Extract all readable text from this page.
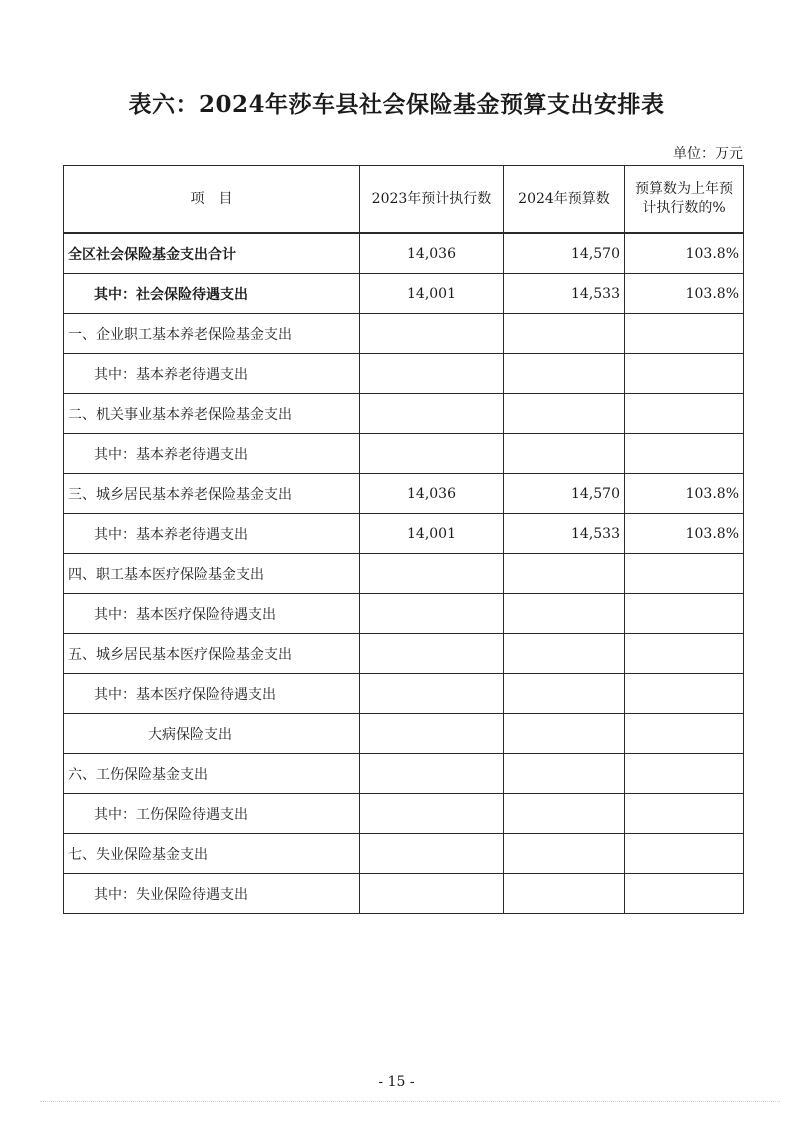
表六：2024年莎车县社会保险基金预算支出安排表
单位：万元
项　目	2023年预计执行数	2024年预算数	预算数为上年预计执行数的%
全区社会保险基金支出合计	14,036	14,570	103.8%
其中：社会保险待遇支出	14,001	14,533	103.8%
一、企业职工基本养老保险基金支出			
其中：基本养老待遇支出			
二、机关事业基本养老保险基金支出			
其中：基本养老待遇支出			
三、城乡居民基本养老保险基金支出	14,036	14,570	103.8%
其中：基本养老待遇支出	14,001	14,533	103.8%
四、职工基本医疗保险基金支出			
其中：基本医疗保险待遇支出			
五、城乡居民基本医疗保险基金支出			
其中：基本医疗保险待遇支出			
大病保险支出			
六、工伤保险基金支出			
其中：工伤保险待遇支出			
七、失业保险基金支出			
其中：失业保险待遇支出			
- 15 -
